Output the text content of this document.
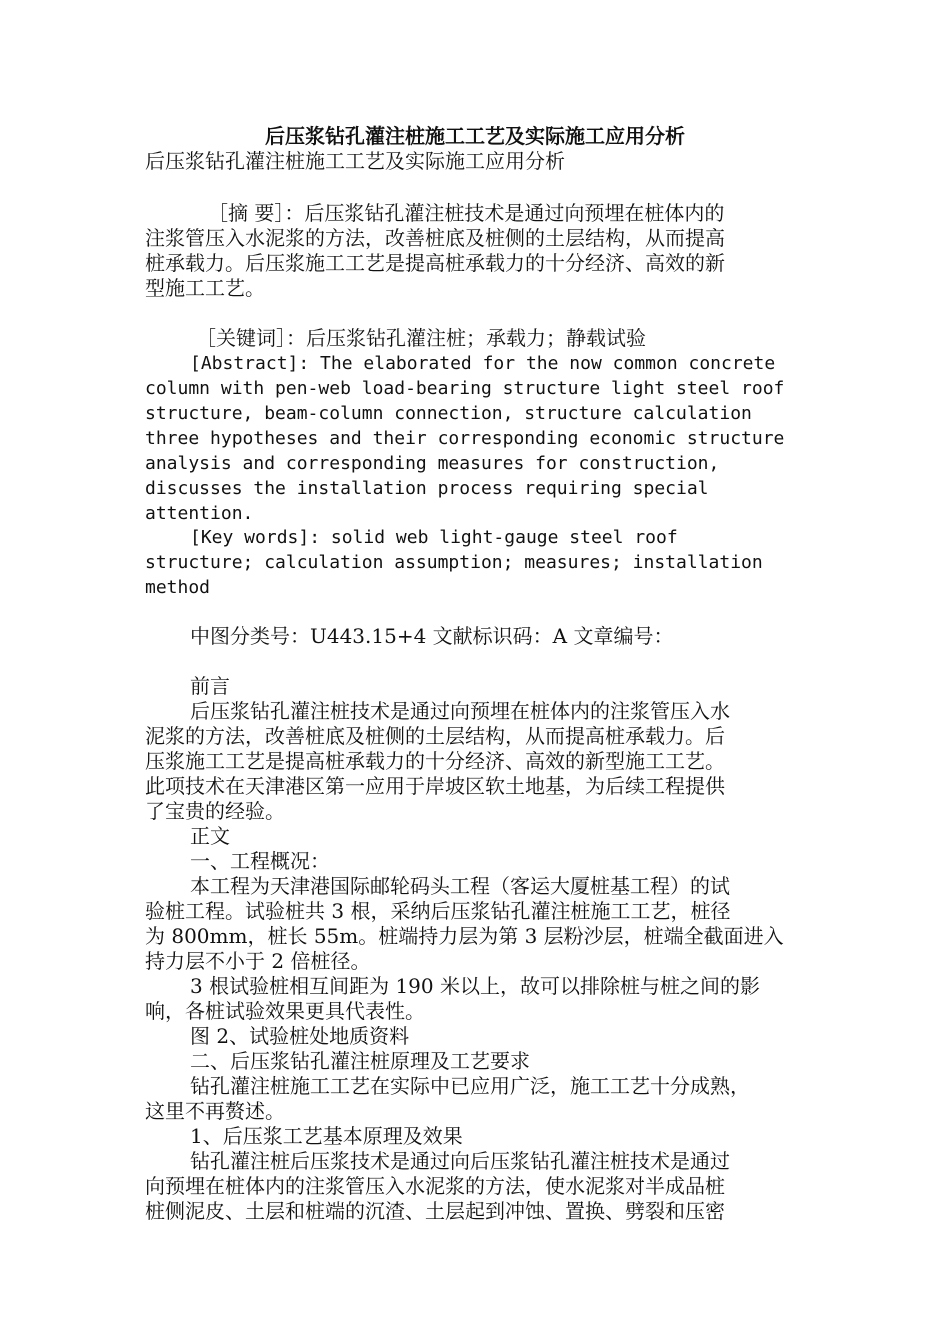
后压浆钻孔灌注桩施工工艺及实际施工应用分析
后压浆钻孔灌注桩施工工艺及实际施工应用分析
［摘 要］：后压浆钻孔灌注桩技术是通过向预埋在桩体内的
注浆管压入水泥浆的方法，改善桩底及桩侧的土层结构，从而提高
桩承载力。后压浆施工工艺是提高桩承载力的十分经济、高效的新
型施工工艺。
［关键词］：后压浆钻孔灌注桩；承载力；静载试验
[Abstract]: The elaborated for the now common concrete
column with pen-web load-bearing structure light steel roof
structure, beam-column connection, structure calculation
three hypotheses and their corresponding economic structure
analysis and corresponding measures for construction,
discusses the installation process requiring special
attention.
[Key words]: solid web light-gauge steel roof
structure; calculation assumption; measures; installation
method
中图分类号：U443.15+4 文献标识码：A 文章编号：
前言
后压浆钻孔灌注桩技术是通过向预埋在桩体内的注浆管压入水
泥浆的方法，改善桩底及桩侧的土层结构，从而提高桩承载力。后
压浆施工工艺是提高桩承载力的十分经济、高效的新型施工工艺。
此项技术在天津港区第一应用于岸坡区软土地基，为后续工程提供
了宝贵的经验。
正文
一、工程概况：
本工程为天津港国际邮轮码头工程（客运大厦桩基工程）的试
验桩工程。试验桩共 3 根，采纳后压浆钻孔灌注桩施工工艺，桩径
为 800mm，桩长 55m。桩端持力层为第 3 层粉沙层，桩端全截面进入
持力层不小于 2 倍桩径。
3 根试验桩相互间距为 190 米以上，故可以排除桩与桩之间的影
响，各桩试验效果更具代表性。
图 2、试验桩处地质资料
二、后压浆钻孔灌注桩原理及工艺要求
钻孔灌注桩施工工艺在实际中已应用广泛，施工工艺十分成熟，
这里不再赘述。
1、后压浆工艺基本原理及效果
钻孔灌注桩后压浆技术是通过向后压浆钻孔灌注桩技术是通过
向预埋在桩体内的注浆管压入水泥浆的方法，使水泥浆对半成品桩
桩侧泥皮、土层和桩端的沉渣、土层起到冲蚀、置换、劈裂和压密
